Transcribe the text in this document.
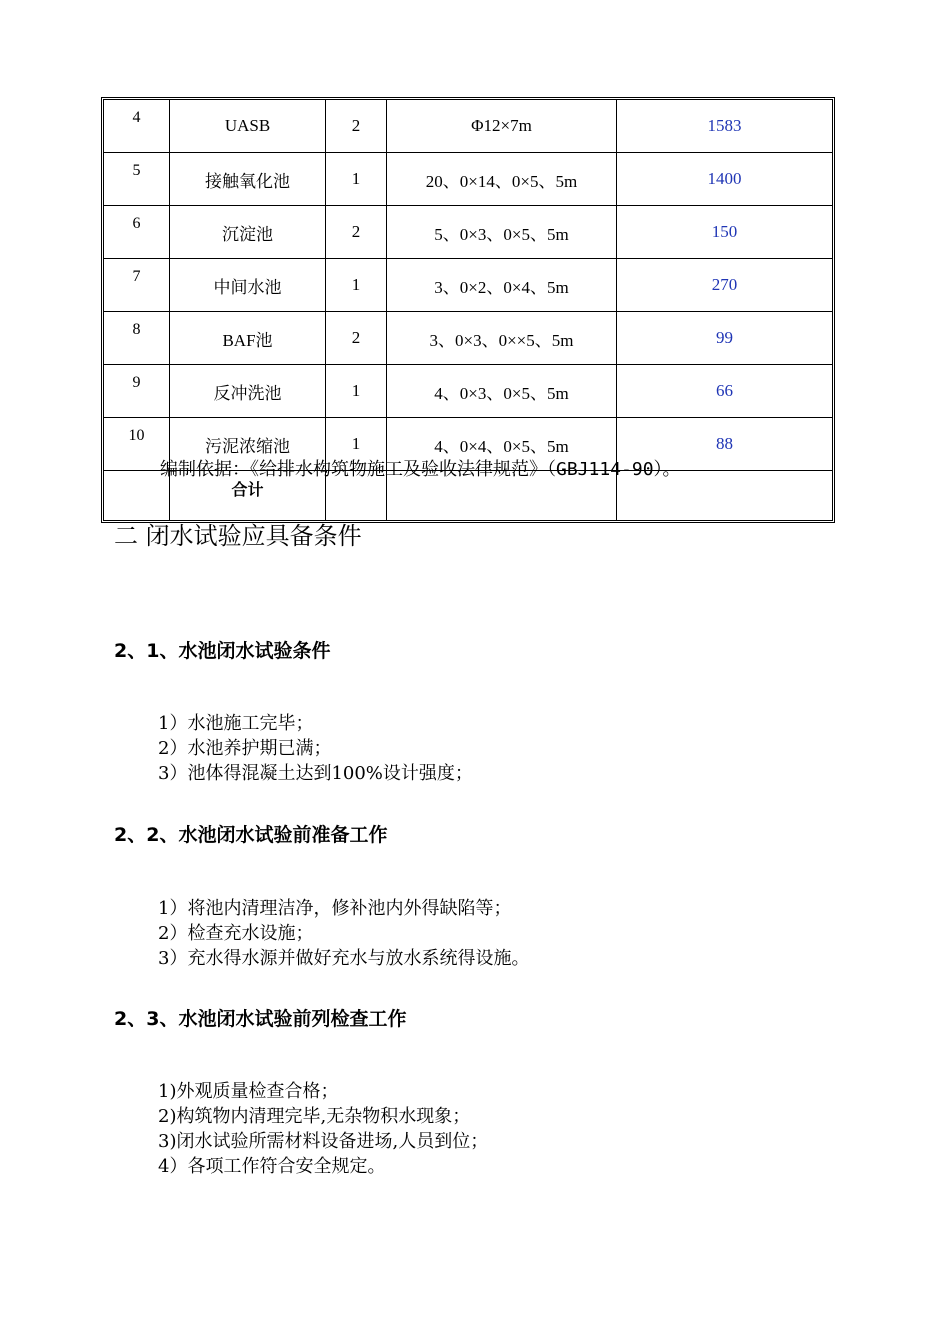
4	UASB	2	Φ12×7m	1583
5	接触氧化池	1	20、0×14、0×5、5m	1400
6	沉淀池	2	5、0×3、0×5、5m	150
7	中间水池	1	3、0×2、0×4、5m	270
8	BAF池	2	3、0×3、0××5、5m	99
9	反冲洗池	1	4、0×3、0×5、5m	66
10	污泥浓缩池	1	4、0×4、0×5、5m	88
	合计			
编制依据：《给排水构筑物施工及验收法律规范》（GBJ114-90）。
二 闭水试验应具备条件
2、1、水池闭水试验条件
1）水池施工完毕；
2）水池养护期已满；
3）池体得混凝土达到100%设计强度；
2、2、水池闭水试验前准备工作
1）将池内清理洁净，修补池内外得缺陷等；
2）检查充水设施；
3）充水得水源并做好充水与放水系统得设施。
2、3、水池闭水试验前列检查工作
1)外观质量检查合格；
2)构筑物内清理完毕,无杂物积水现象；
3)闭水试验所需材料设备进场,人员到位；
4）各项工作符合安全规定。
